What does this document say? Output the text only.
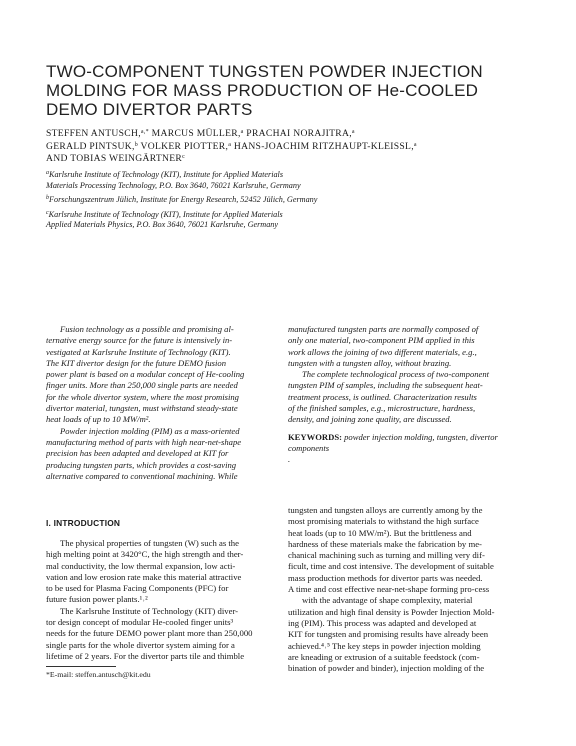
TWO-COMPONENT TUNGSTEN POWDER INJECTION
MOLDING FOR MASS PRODUCTION OF He-COOLED
DEMO DIVERTOR PARTS
STEFFEN ANTUSCH,$^{a,*}$ MARCUS MÜLLER,$^a$ PRACHAI NORAJITRA,$^a$
GERALD PINTSUK,$^b$ VOLKER PIOTTER,$^a$ HANS-JOACHIM RITZHAUPT-KLEISSL,$^a$
AND TOBIAS WEINGÄRTNER$^c$
$^a$Karlsruhe Institute of Technology (KIT), Institute for Applied Materials
Materials Processing Technology, P.O. Box 3640, 76021 Karlsruhe, Germany
$^b$Forschungszentrum Jülich, Institute for Energy Research, 52452 Jülich, Germany
$^c$Karlsruhe Institute of Technology (KIT), Institute for Applied Materials
Applied Materials Physics, P.O. Box 3640, 76021 Karlsruhe, Germany
Fusion technology as a possible and promising al-
ternative energy source for the future is intensively in-
vestigated at Karlsruhe Institute of Technology (KIT).
The KIT divertor design for the future DEMO fusion
power plant is based on a modular concept of He-cooling
finger units. More than 250,000 single parts are needed
for the whole divertor system, where the most promising
divertor material, tungsten, must withstand steady-state
heat loads of up to 10 MW/m².
Powder injection molding (PIM) as a mass-oriented
manufacturing method of parts with high near-net-shape
precision has been adapted and developed at KIT for
producing tungsten parts, which provides a cost-saving
alternative compared to conventional machining. While
manufactured tungsten parts are normally composed of
only one material, two-component PIM applied in this
work allows the joining of two different materials, e.g.,
tungsten with a tungsten alloy, without brazing.
The complete technological process of two-component
tungsten PIM of samples, including the subsequent heat-
treatment process, is outlined. Characterization results
of the finished samples, e.g., microstructure, hardness,
density, and joining zone quality, are discussed.
KEYWORDS: powder injection molding, tungsten, divertor
components
.
I. INTRODUCTION
The physical properties of tungsten (W) such as the
high melting point at 3420°C, the high strength and ther-
mal conductivity, the low thermal expansion, low acti-
vation and low erosion rate make this material attractive
to be used for Plasma Facing Components (PFC) for
future fusion power plants.¹˒²
The Karlsruhe Institute of Technology (KIT) diver-
tor design concept of modular He-cooled finger units³
needs for the future DEMO power plant more than 250,000
single parts for the whole divertor system aiming for a
lifetime of 2 years. For the divertor parts tile and thimble
tungsten and tungsten alloys are currently among by the
most promising materials to withstand the high surface
heat loads (up to 10 MW/m²). But the brittleness and
hardness of these materials make the fabrication by me-
chanical machining such as turning and milling very dif-
ficult, time and cost intensive. The development of suitable
mass production methods for divertor parts was needed.
A time and cost effective near-net-shape forming pro-cess
with the advantage of shape complexity, material
utilization and high final density is Powder Injection Mold-
ing (PIM). This process was adapted and developed at
KIT for tungsten and promising results have already been
achieved.⁴˒⁵ The key steps in powder injection molding
are kneading or extrusion of a suitable feedstock (com-
bination of powder and binder), injection molding of the
*E-mail: steffen.antusch@kit.edu
